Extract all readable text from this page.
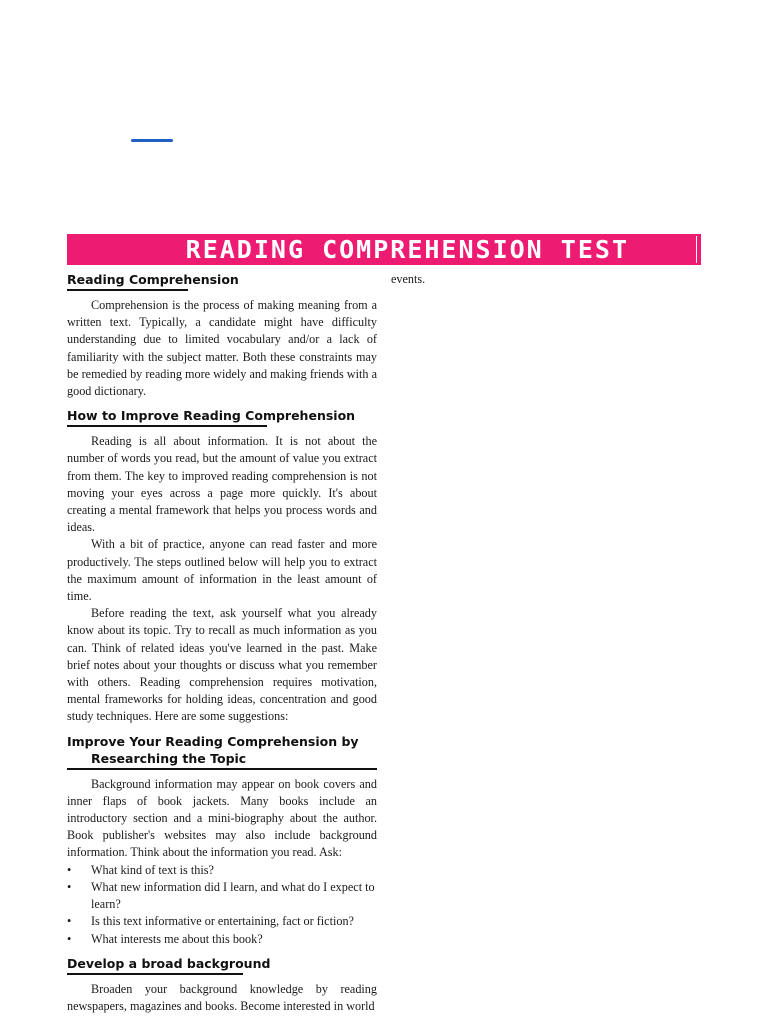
READING COMPREHENSION TEST
Reading Comprehension

Comprehension is the process of making meaning from a written text. Typically, a candidate might have difficulty understanding due to limited vocabulary and/or a lack of familiarity with the subject matter. Both these constraints may be remedied by reading more widely and making friends with a good dictionary.

How to Improve Reading Comprehension

Reading is all about information. It is not about the number of words you read, but the amount of value you extract from them. The key to improved reading comprehension is not moving your eyes across a page more quickly. It's about creating a mental framework that helps you process words and ideas.

With a bit of practice, anyone can read faster and more productively. The steps outlined below will help you to extract the maximum amount of information in the least amount of time.

Before reading the text, ask yourself what you already know about its topic. Try to recall as much information as you can. Think of related ideas you've learned in the past. Make brief notes about your thoughts or discuss what you remember with others. Reading comprehension requires motivation, mental frameworks for holding ideas, concentration and good study techniques. Here are some suggestions:

Improve Your Reading Comprehension by
Researching the Topic

Background information may appear on book covers and inner flaps of book jackets. Many books include an introductory section and a mini-biography about the author. Book publisher's websites may also include background information. Think about the information you read. Ask:

• What kind of text is this?
• What new information did I learn, and what do I expect to learn?
• Is this text informative or entertaining, fact or fiction?
• What interests me about this book?
Develop a broad background

Broaden your background knowledge by reading newspapers, magazines and books. Become interested in world

events.
